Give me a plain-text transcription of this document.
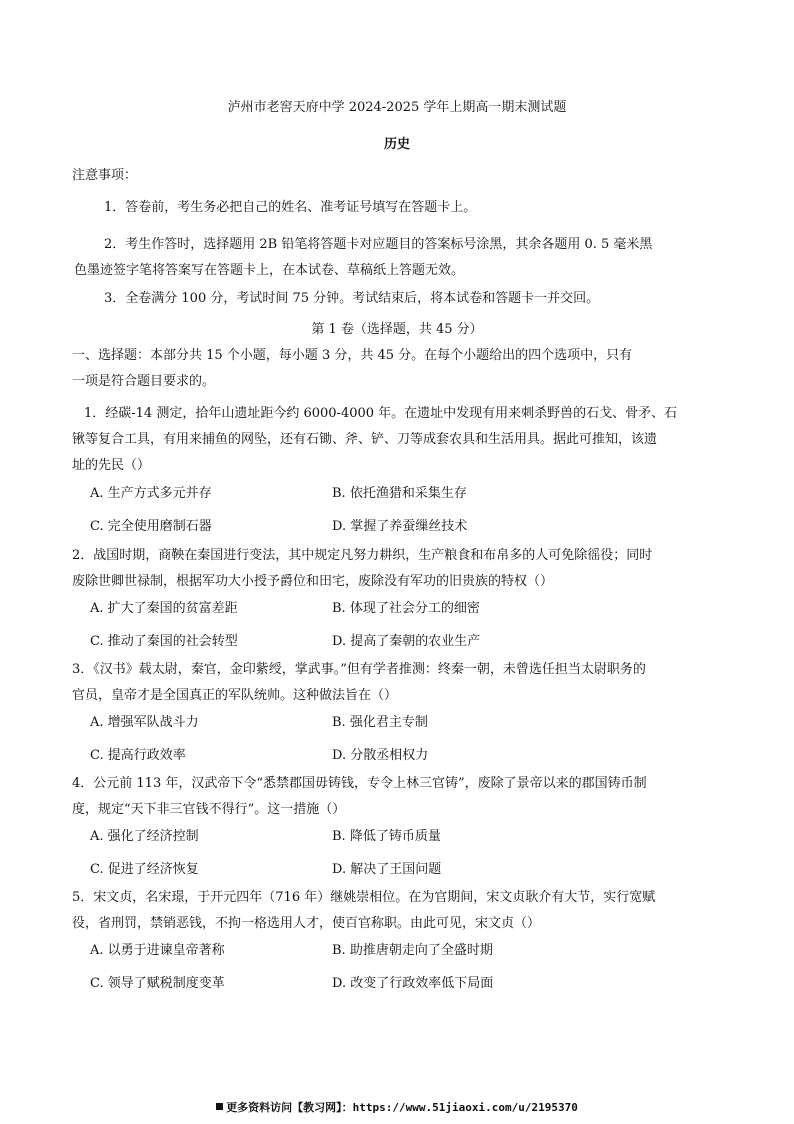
泸州市老窖天府中学 2024-2025 学年上期高一期末测试题
历史
注意事项：
1．答卷前，考生务必把自己的姓名、准考证号填写在答题卡上。
2．考生作答时，选择题用 2B 铅笔将答题卡对应题目的答案标号涂黑，其余各题用 0. 5 毫米黑
色墨迹签字笔将答案写在答题卡上，在本试卷、草稿纸上答题无效。
3．全卷满分 100 分，考试时间 75 分钟。考试结束后，将本试卷和答题卡一并交回。
第 1 卷（选择题，共 45 分）
一、选择题：本部分共 15 个小题，每小题 3 分，共 45 分。在每个小题给出的四个选项中，只有
一项是符合题目要求的。
1．经碳-14 测定，拾年山遗址距今约 6000-4000 年。在遗址中发现有用来刺杀野兽的石戈、骨矛、石
锹等复合工具，有用来捕鱼的网坠，还有石锄、斧、铲、刀等成套农具和生活用具。据此可推知，该遗
址的先民（）
A. 生产方式多元并存	B. 依托渔猎和采集生存
C. 完全使用磨制石器	D. 掌握了养蚕缫丝技术
2．战国时期，商鞅在秦国进行变法，其中规定凡努力耕织，生产粮食和布帛多的人可免除徭役；同时
废除世卿世禄制，根据军功大小授予爵位和田宅，废除没有军功的旧贵族的特权（）
A. 扩大了秦国的贫富差距	B. 体现了社会分工的细密
C. 推动了秦国的社会转型	D. 提高了秦朝的农业生产
3．《汉书》载太尉，秦官，金印紫绶，掌武事。”但有学者推测：终秦一朝，未曾选任担当太尉职务的
官员，皇帝才是全国真正的军队统帅。这种做法旨在（）
A. 增强军队战斗力	B. 强化君主专制
C. 提高行政效率	D. 分散丞相权力
4．公元前 113 年，汉武帝下令“悉禁郡国毋铸钱，专令上林三官铸”，废除了景帝以来的郡国铸币制
度，规定“天下非三官钱不得行”。这一措施（）
A. 强化了经济控制	B. 降低了铸币质量
C. 促进了经济恢复	D. 解决了王国问题
5．宋文贞，名宋璟，于开元四年（716 年）继姚崇相位。在为官期间，宋文贞耿介有大节，实行宽赋
役，省刑罚，禁销恶钱，不拘一格选用人才，使百官称职。由此可见，宋文贞（）
A. 以勇于进谏皇帝著称	B. 助推唐朝走向了全盛时期
C. 领导了赋税制度变革	D. 改变了行政效率低下局面
更多资料访问【教习网】：https://www.51jiaoxi.com/u/2195370
